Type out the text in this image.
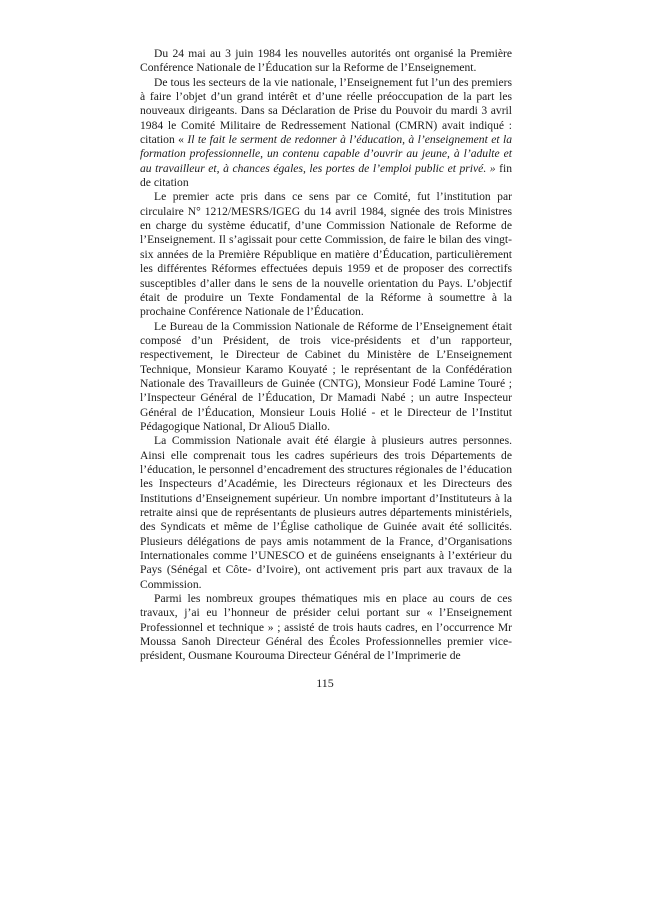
Du 24 mai au 3 juin 1984 les nouvelles autorités ont organisé la Première Conférence Nationale de l’Éducation sur la Reforme de l’Enseignement.

De tous les secteurs de la vie nationale, l’Enseignement fut l’un des premiers à faire l’objet d’un grand intérêt et d’une réelle préoccupation de la part les nouveaux dirigeants. Dans sa Déclaration de Prise du Pouvoir du mardi 3 avril 1984 le Comité Militaire de Redressement National (CMRN) avait indiqué : citation « Il te fait le serment de redonner à l’éducation, à l’enseignement et la formation professionnelle, un contenu capable d’ouvrir au jeune, à l’adulte et au travailleur et, à chances égales, les portes de l’emploi public et privé. » fin de citation

Le premier acte pris dans ce sens par ce Comité, fut l’institution par circulaire N° 1212/MESRS/IGEG du 14 avril 1984, signée des trois Ministres en charge du système éducatif, d’une Commission Nationale de Reforme de l’Enseignement. Il s’agissait pour cette Commission, de faire le bilan des vingt-six années de la Première République en matière d’Éducation, particulièrement les différentes Réformes effectuées depuis 1959 et de proposer des correctifs susceptibles d’aller dans le sens de la nouvelle orientation du Pays. L’objectif était de produire un Texte Fondamental de la Réforme à soumettre à la prochaine Conférence Nationale de l’Éducation.

Le Bureau de la Commission Nationale de Réforme de l’Enseignement était composé d’un Président, de trois vice-présidents et d’un rapporteur, respectivement, le Directeur de Cabinet du Ministère de L’Enseignement Technique, Monsieur Karamo Kouyaté ; le représentant de la Confédération Nationale des Travailleurs de Guinée (CNTG), Monsieur Fodé Lamine Touré ; l’Inspecteur Général de l’Éducation, Dr Mamadi Nabé ; un autre Inspecteur Général de l’Éducation, Monsieur Louis Holié - et le Directeur de l’Institut Pédagogique National, Dr Aliou5 Diallo.

La Commission Nationale avait été élargie à plusieurs autres personnes. Ainsi elle comprenait tous les cadres supérieurs des trois Départements de l’éducation, le personnel d’encadrement des structures régionales de l’éducation les Inspecteurs d’Académie, les Directeurs régionaux et les Directeurs des Institutions d’Enseignement supérieur. Un nombre important d’Instituteurs à la retraite ainsi que de représentants de plusieurs autres départements ministériels, des Syndicats et même de l’Église catholique de Guinée avait été sollicités. Plusieurs délégations de pays amis notamment de la France, d’Organisations Internationales comme l’UNESCO et de guinéens enseignants à l’extérieur du Pays (Sénégal et Côte- d’Ivoire), ont activement pris part aux travaux de la Commission.

Parmi les nombreux groupes thématiques mis en place au cours de ces travaux, j’ai eu l’honneur de présider celui portant sur « l’Enseignement Professionnel et technique » ; assisté de trois hauts cadres, en l’occurrence Mr Moussa Sanoh Directeur Général des Écoles Professionnelles premier vice-président, Ousmane Kourouma Directeur Général de l’Imprimerie de

115
